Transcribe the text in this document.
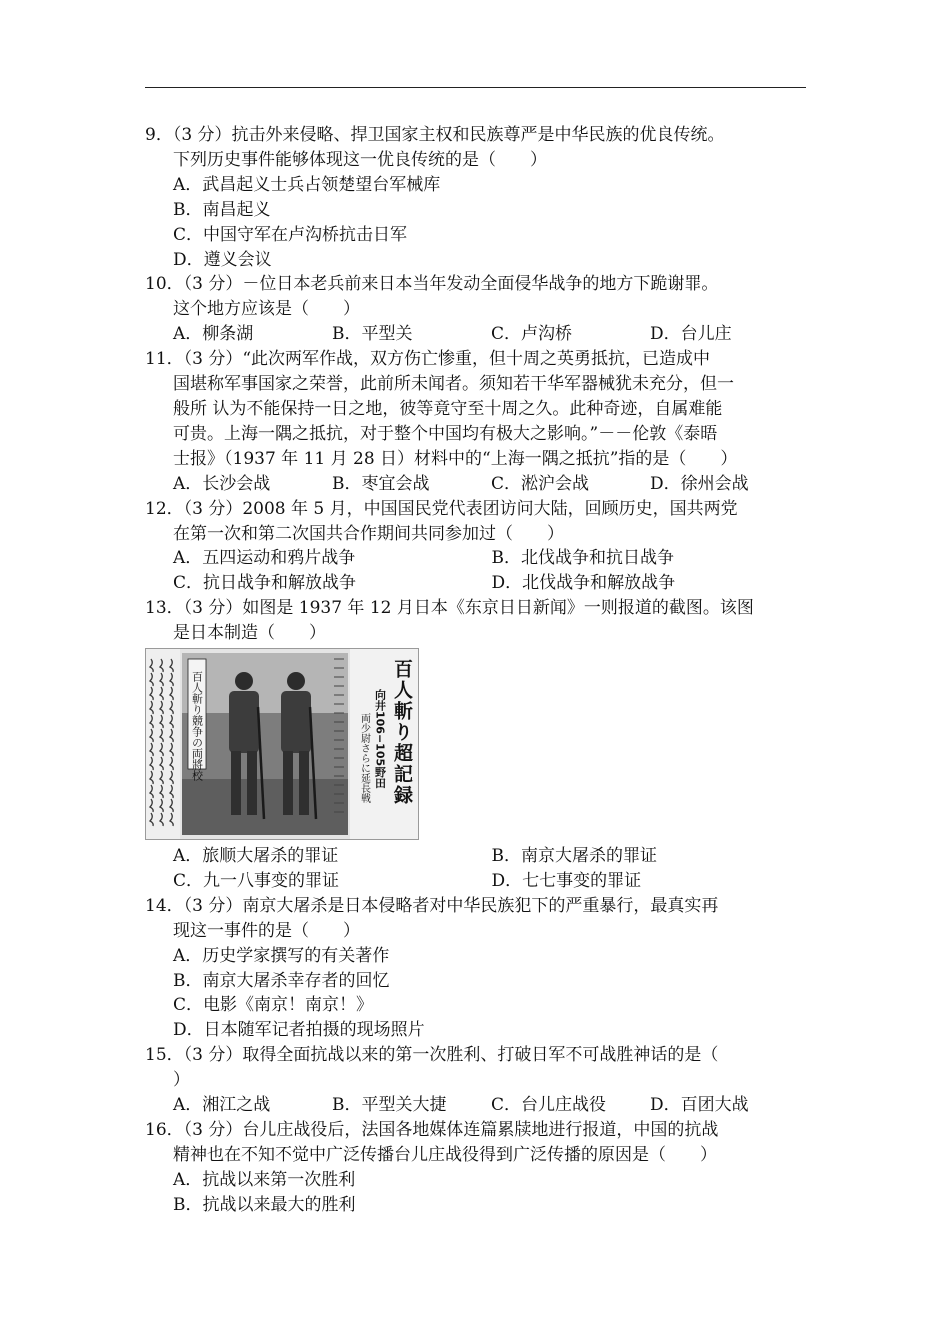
9．（3 分）抗击外来侵略、捍卫国家主权和民族尊严是中华民族的优良传统。
下列历史事件能够体现这一优良传统的是（　　）
A．武昌起义士兵占领楚望台军械库
B．南昌起义
C．中国守军在卢沟桥抗击日军
D．遵义会议
10．（3 分）－位日本老兵前来日本当年发动全面侵华战争的地方下跪谢罪。
这个地方应该是（　　）
A．柳条湖	B．平型关	C．卢沟桥	D．台儿庄
11．（3 分）“此次两军作战，双方伤亡惨重，但十周之英勇抵抗，已造成中
国堪称军事国家之荣誉，此前所未闻者。须知若干华军器械犹未充分，但一
般所 认为不能保持一日之地，彼等竟守至十周之久。此种奇迹，自属难能
可贵。上海一隅之抵抗，对于整个中国均有极大之影响。”－－伦敦《泰晤
士报》（1937 年 11 月 28 日）材料中的“上海一隅之抵抗”指的是（　　）
A．长沙会战	B．枣宜会战	C．淞沪会战	D．徐州会战
12．（3 分）2008 年 5 月，中国国民党代表团访问大陆，回顾历史，国共两党
在第一次和第二次国共合作期间共同参加过（　　）
A．五四运动和鸦片战争	B．北伐战争和抗日战争
C．抗日战争和解放战争	D．北伐战争和解放战争
13．（3 分）如图是 1937 年 12 月日本《东京日日新闻》一则报道的截图。该图
是日本制造（　　）
百人斬り競争の両將校	百人斬り超記録
向井106−105野田
両少尉さらに延長戦
A．旅顺大屠杀的罪证	B．南京大屠杀的罪证
C．九一八事变的罪证	D．七七事变的罪证
14．（3 分）南京大屠杀是日本侵略者对中华民族犯下的严重暴行，最真实再
现这一事件的是（　　）
A．历史学家撰写的有关著作
B．南京大屠杀幸存者的回忆
C．电影《南京！南京！》
D．日本随军记者拍摄的现场照片
15．（3 分）取得全面抗战以来的第一次胜利、打破日军不可战胜神话的是（
）
A．湘江之战	B．平型关大捷	C．台儿庄战役	D．百团大战
16．（3 分）台儿庄战役后，法国各地媒体连篇累牍地进行报道，中国的抗战
精神也在不知不觉中广泛传播台儿庄战役得到广泛传播的原因是（　　）
A．抗战以来第一次胜利
B．抗战以来最大的胜利
